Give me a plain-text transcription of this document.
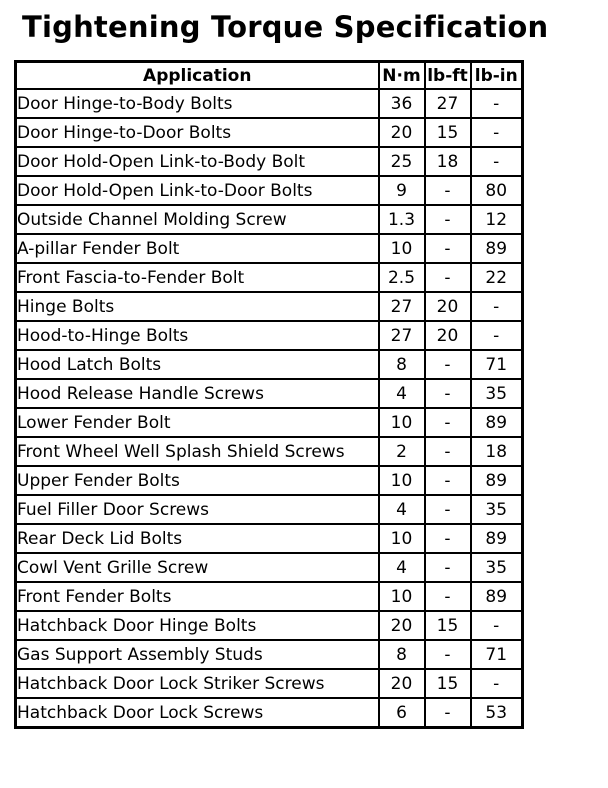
Tightening Torque Specification
Application	N·m	lb-ft	lb-in
Door Hinge-to-Body Bolts	36	27	-
Door Hinge-to-Door Bolts	20	15	-
Door Hold-Open Link-to-Body Bolt	25	18	-
Door Hold-Open Link-to-Door Bolts	9	-	80
Outside Channel Molding Screw	1.3	-	12
A-pillar Fender Bolt	10	-	89
Front Fascia-to-Fender Bolt	2.5	-	22
Hinge Bolts	27	20	-
Hood-to-Hinge Bolts	27	20	-
Hood Latch Bolts	8	-	71
Hood Release Handle Screws	4	-	35
Lower Fender Bolt	10	-	89
Front Wheel Well Splash Shield Screws	2	-	18
Upper Fender Bolts	10	-	89
Fuel Filler Door Screws	4	-	35
Rear Deck Lid Bolts	10	-	89
Cowl Vent Grille Screw	4	-	35
Front Fender Bolts	10	-	89
Hatchback Door Hinge Bolts	20	15	-
Gas Support Assembly Studs	8	-	71
Hatchback Door Lock Striker Screws	20	15	-
Hatchback Door Lock Screws	6	-	53
